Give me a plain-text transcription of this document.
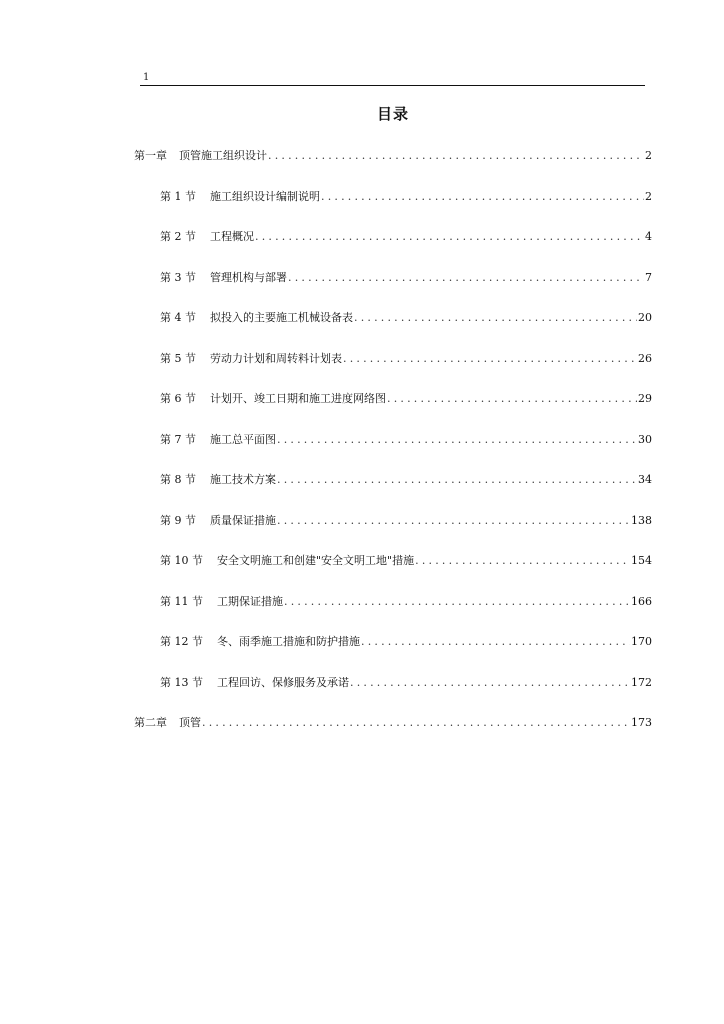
1
目录
第一章 顶管施工组织设计 .....	2
第 1 节 施工组织设计编制说明 .....	2
第 2 节 工程概况 .....	4
第 3 节 管理机构与部署 .....	7
第 4 节 拟投入的主要施工机械设备表 .....	20
第 5 节 劳动力计划和周转料计划表 .....	26
第 6 节 计划开、竣工日期和施工进度网络图 .....	29
第 7 节 施工总平面图 .....	30
第 8 节 施工技术方案 .....	34
第 9 节 质量保证措施 .....	138
第 10 节 安全文明施工和创建"安全文明工地"措施 .....	154
第 11 节 工期保证措施 .....	166
第 12 节 冬、雨季施工措施和防护措施 .....	170
第 13 节 工程回访、保修服务及承诺 .....	172
第二章 顶管 .....	173
